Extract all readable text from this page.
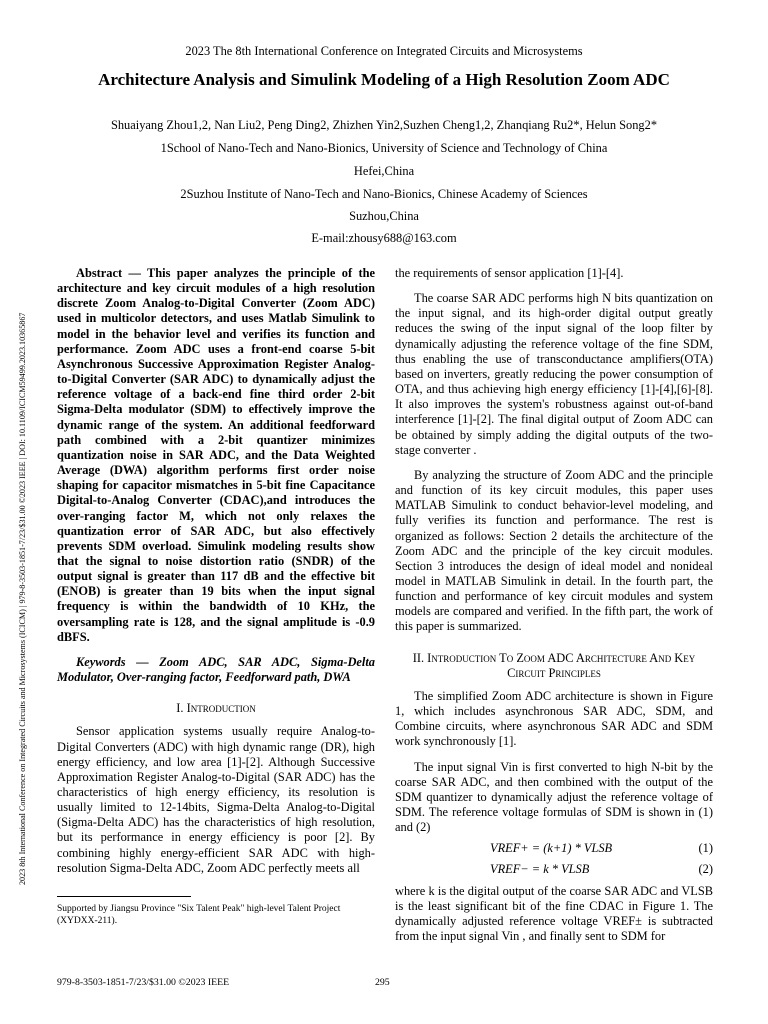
2023 The 8th International Conference on Integrated Circuits and Microsystems
Architecture Analysis and Simulink Modeling of a High Resolution Zoom ADC
Shuaiyang Zhou1,2, Nan Liu2, Peng Ding2, Zhizhen Yin2,Suzhen Cheng1,2, Zhanqiang Ru2*, Helun Song2*
1School of Nano-Tech and Nano-Bionics, University of Science and Technology of China
Hefei,China
2Suzhou Institute of Nano-Tech and Nano-Bionics, Chinese Academy of Sciences
Suzhou,China
E-mail:zhousy688@163.com
2023 8th International Conference on Integrated Circuits and Microsystems (ICICM) | 979-8-3503-1851-7/23/$31.00 ©2023 IEEE | DOI: 10.1109/ICICM59499.2023.10365867

Abstract — This paper analyzes the principle of the architecture and key circuit modules of a high resolution discrete Zoom Analog-to-Digital Converter (Zoom ADC) used in multicolor detectors, and uses Matlab Simulink to model in the behavior level and verifies its function and performance. Zoom ADC uses a front-end coarse 5-bit Asynchronous Successive Approximation Register Analog-to-Digital Converter (SAR ADC) to dynamically adjust the reference voltage of a back-end fine third order 2-bit Sigma-Delta modulator (SDM) to effectively improve the dynamic range of the system. An additional feedforward path combined with a 2-bit quantizer minimizes quantization noise in SAR ADC, and the Data Weighted Average (DWA) algorithm performs first order noise shaping for capacitor mismatches in 5-bit fine Capacitance Digital-to-Analog Converter (CDAC),and introduces the over-ranging factor M, which not only relaxes the quantization error of SAR ADC, but also effectively prevents SDM overload. Simulink modeling results show that the signal to noise distortion ratio (SNDR) of the output signal is greater than 117 dB and the effective bit (ENOB) is greater than 19 bits when the input signal frequency is within the bandwidth of 10 KHz, the oversampling rate is 128, and the signal amplitude is -0.9 dBFS.

Keywords — Zoom ADC, SAR ADC, Sigma-Delta Modulator, Over-ranging factor, Feedforward path, DWA

I. Introduction

Sensor application systems usually require Analog-to-Digital Converters (ADC) with high dynamic range (DR), high energy efficiency, and low area [1]-[2]. Although Successive Approximation Register Analog-to-Digital (SAR ADC) has the characteristics of high energy efficiency, its resolution is usually limited to 12-14bits, Sigma-Delta Analog-to-Digital (Sigma-Delta ADC) has the characteristics of high resolution, but its performance in energy efficiency is poor [2]. By combining highly energy-efficient SAR ADC with high-resolution Sigma-Delta ADC, Zoom ADC perfectly meets all

the requirements of sensor application [1]-[4].

The coarse SAR ADC performs high N bits quantization on the input signal, and its high-order digital output greatly reduces the swing of the input signal of the loop filter by dynamically adjusting the reference voltage of the fine SDM, thus enabling the use of transconductance amplifiers(OTA) based on inverters, greatly reducing the power consumption of OTA, and thus achieving high energy efficiency [1]-[4],[6]-[8]. It also improves the system's robustness against out-of-band interference [1]-[2]. The final digital output of Zoom ADC can be obtained by simply adding the digital outputs of the two-stage converter .

By analyzing the structure of Zoom ADC and the principle and function of its key circuit modules, this paper uses MATLAB Simulink to conduct behavior-level modeling, and fully verifies its function and performance. The rest is organized as follows: Section 2 details the architecture of the Zoom ADC and the principle of the key circuit modules. Section 3 introduces the design of ideal model and nonideal model in MATLAB Simulink in detail. In the fourth part, the function and performance of key circuit modules and system models are compared and verified. In the fifth part, the work of this paper is summarized.

II. Introduction To Zoom ADC Architecture And Key Circuit Principles

The simplified Zoom ADC architecture is shown in Figure 1, which includes asynchronous SAR ADC, SDM, and Combine circuits, where asynchronous SAR ADC and SDM work synchronously [1].

The input signal Vin is first converted to high N-bit by the coarse SAR ADC, and then combined with the output of the SDM quantizer to dynamically adjust the reference voltage of SDM. The reference voltage formulas of SDM is shown in (1) and (2)

VREF+ = (k+1) * VLSB	(1)
VREF− = k * VLSB	(2)

where k is the digital output of the coarse SAR ADC and VLSB is the least significant bit of the fine CDAC in Figure 1. The dynamically adjusted reference voltage VREF± is subtracted from the input signal Vin , and finally sent to SDM for

Supported by Jiangsu Province "Six Talent Peak" high-level Talent Project (XYDXX-211).
979-8-3503-1851-7/23/$31.00 ©2023 IEEE	295
